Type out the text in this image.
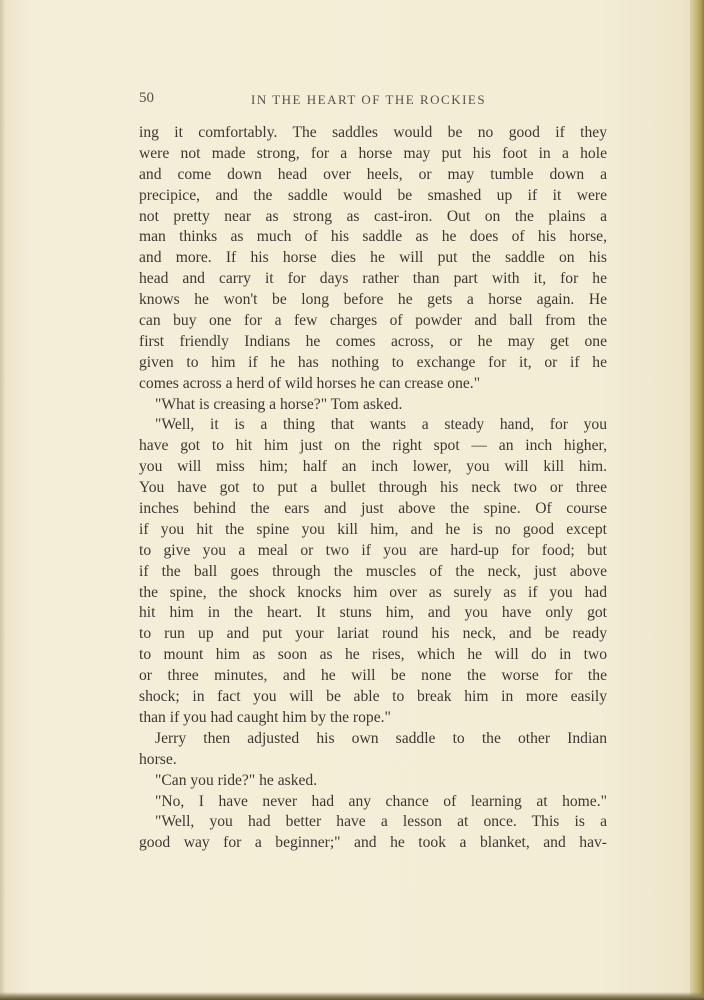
50	IN THE HEART OF THE ROCKIES
ing it comfortably. The saddles would be no good if they
were not made strong, for a horse may put his foot in a hole
and come down head over heels, or may tumble down a
precipice, and the saddle would be smashed up if it were
not pretty near as strong as cast-iron. Out on the plains a
man thinks as much of his saddle as he does of his horse,
and more. If his horse dies he will put the saddle on his
head and carry it for days rather than part with it, for he
knows he won't be long before he gets a horse again. He
can buy one for a few charges of powder and ball from the
first friendly Indians he comes across, or he may get one
given to him if he has nothing to exchange for it, or if he
comes across a herd of wild horses he can crease one."
"What is creasing a horse?" Tom asked.
"Well, it is a thing that wants a steady hand, for you
have got to hit him just on the right spot — an inch higher,
you will miss him; half an inch lower, you will kill him.
You have got to put a bullet through his neck two or three
inches behind the ears and just above the spine. Of course
if you hit the spine you kill him, and he is no good except
to give you a meal or two if you are hard-up for food; but
if the ball goes through the muscles of the neck, just above
the spine, the shock knocks him over as surely as if you had
hit him in the heart. It stuns him, and you have only got
to run up and put your lariat round his neck, and be ready
to mount him as soon as he rises, which he will do in two
or three minutes, and he will be none the worse for the
shock; in fact you will be able to break him in more easily
than if you had caught him by the rope."
Jerry then adjusted his own saddle to the other Indian
horse.
"Can you ride?" he asked.
"No, I have never had any chance of learning at home."
"Well, you had better have a lesson at once. This is a
good way for a beginner;" and he took a blanket, and hav-
